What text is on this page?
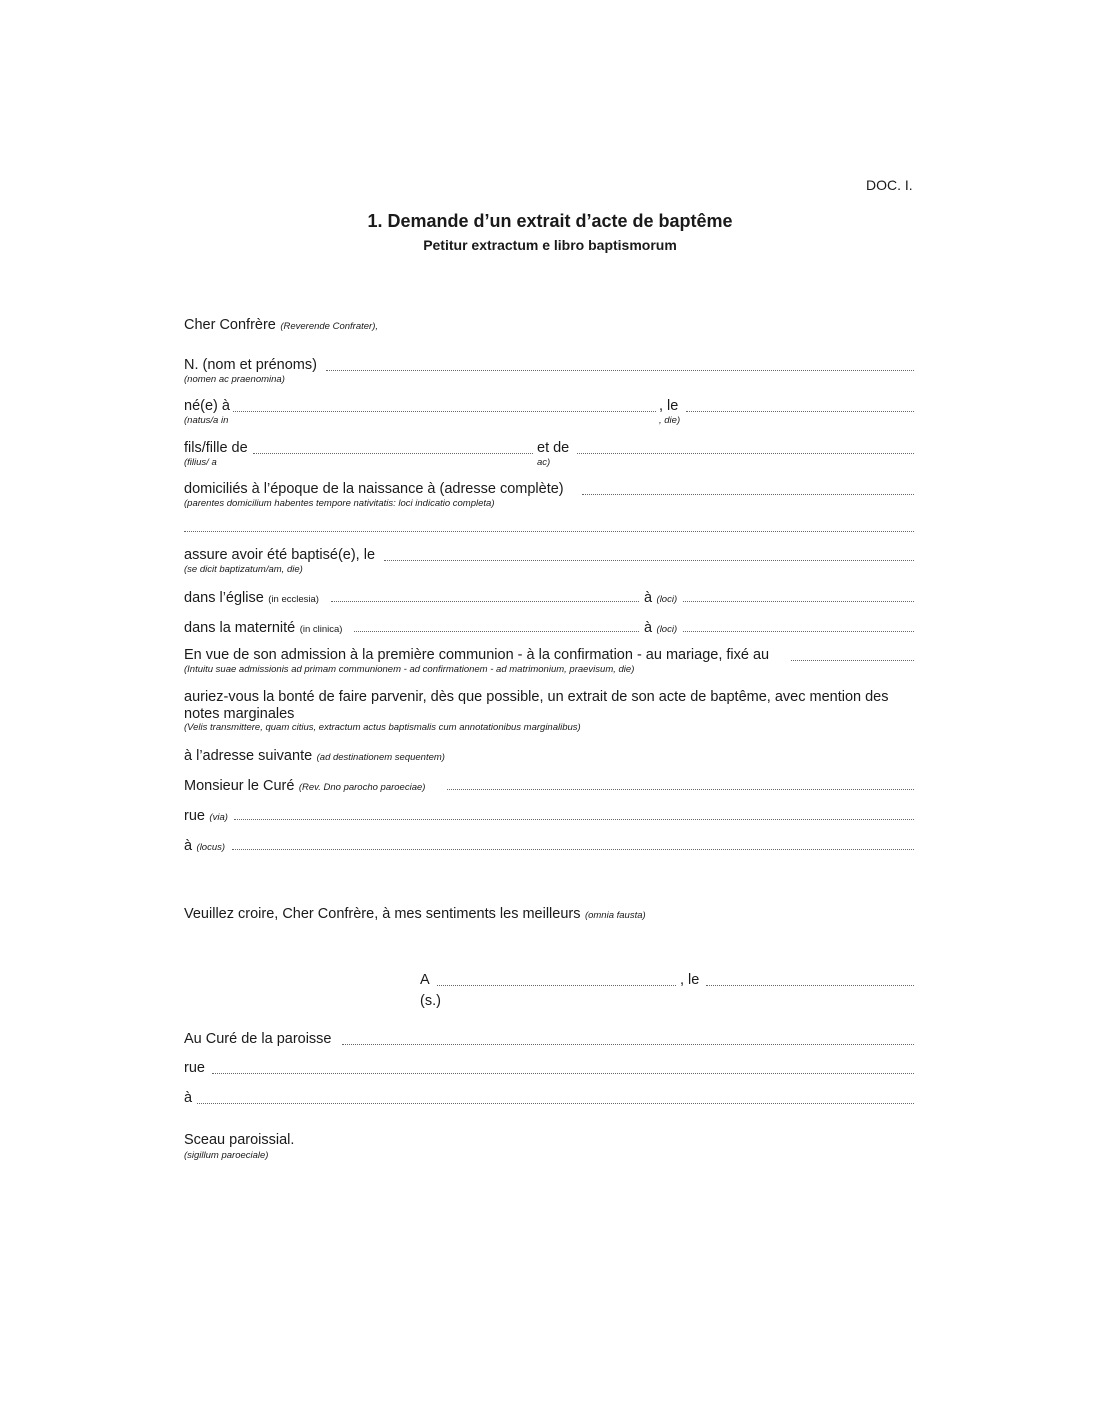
DOC. I.
1. Demande d’un extrait d’acte de baptême
Petitur extractum e libro baptismorum
Cher Confrère (Reverende Confrater),
N. (nom et prénoms)
(nomen ac praenomina)
né(e) à	, le
(natus/a in	, die)
fils/fille de	et de
(filius/ a	ac)
domiciliés à l’époque de la naissance à (adresse complète)
(parentes domicilium habentes tempore nativitatis: loci indicatio completa)
assure avoir été baptisé(e), le
(se dicit baptizatum/am, die)
dans l’église (in ecclesia)	à (loci)
dans la maternité (in clinica)	à (loci)
En vue de son admission à la première communion - à la confirmation - au mariage, fixé au
(Intuitu suae admissionis ad primam communionem - ad confirmationem - ad matrimonium, praevisum, die)
auriez-vous la bonté de faire parvenir, dès que possible, un extrait de son acte de baptême, avec mention des notes marginales
(Velis transmittere, quam citius, extractum actus baptismalis cum annotationibus marginalibus)
à l’adresse suivante (ad destinationem sequentem)
Monsieur le Curé (Rev. Dno parocho paroeciae)
rue (via)
à (locus)
Veuillez croire, Cher Confrère, à mes sentiments les meilleurs (omnia fausta)
A	, le
(s.)
Au Curé de la paroisse
rue
à
Sceau paroissial.
(sigillum paroeciale)
